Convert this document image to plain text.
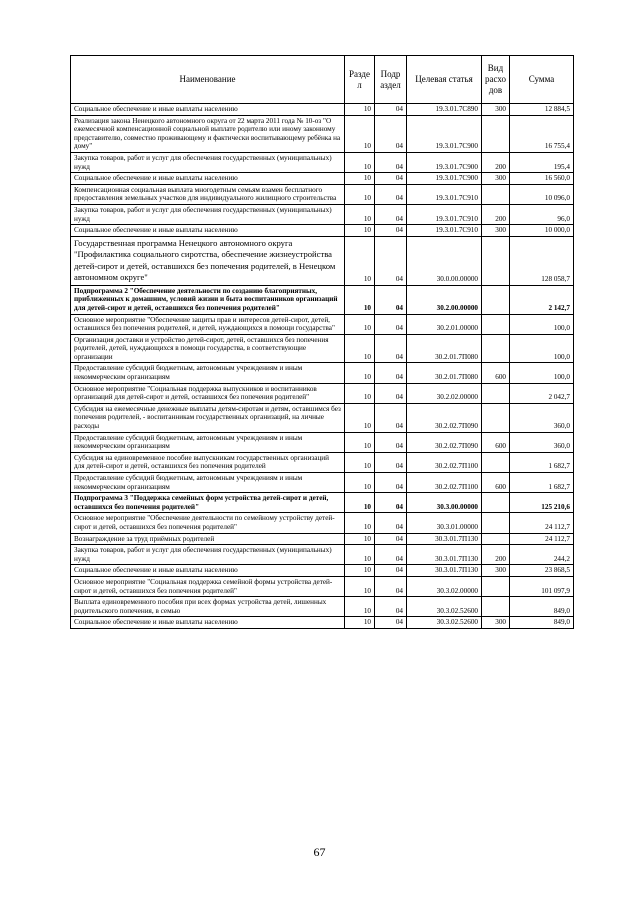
Наименование	Разде л	Подр аздел	Целевая статья	Вид расхо дов	Сумма
Социальное обеспечение и иные выплаты населению	10	04	19.3.01.7С890	300	12 884,5
Реализация закона Ненецкого автономного округа от 22 марта 2011 года № 10-оз "О ежемесячной компенсационной социальной выплате родителю или иному законному представителю, совместно проживающему и фактически воспитывающему ребёнка на дому"	10	04	19.3.01.7С900		16 755,4
Закупка товаров, работ и услуг для обеспечения государственных (муниципальных) нужд	10	04	19.3.01.7С900	200	195,4
Социальное обеспечение и иные выплаты населению	10	04	19.3.01.7С900	300	16 560,0
Компенсационная социальная выплата многодетным семьям взамен бесплатного предоставления земельных участков для индивидуального жилищного строительства	10	04	19.3.01.7С910		10 096,0
Закупка товаров, работ и услуг для обеспечения государственных (муниципальных) нужд	10	04	19.3.01.7С910	200	96,0
Социальное обеспечение и иные выплаты населению	10	04	19.3.01.7С910	300	10 000,0
Государственная программа Ненецкого автономного округа "Профилактика социального сиротства, обеспечение жизнеустройства детей-сирот и детей, оставшихся без попечения родителей, в Ненецком автономном округе"	10	04	30.0.00.00000		128 058,7
Подпрограмма 2 "Обеспечение деятельности по созданию благоприятных, приближенных к домашним, условий жизни и быта воспитанников организаций для детей-сирот и детей, оставшихся без попечения родителей"	10	04	30.2.00.00000		2 142,7
Основное мероприятие "Обеспечение защиты прав и интересов детей-сирот, детей, оставшихся без попечения родителей, и детей, нуждающихся в помощи государства"	10	04	30.2.01.00000		100,0
Организация доставки и устройство детей-сирот, детей, оставшихся без попечения родителей, детей, нуждающихся в помощи государства, в соответствующие организации	10	04	30.2.01.7П080		100,0
Предоставление субсидий бюджетным, автономным учреждениям и иным некоммерческим организациям	10	04	30.2.01.7П080	600	100,0
Основное мероприятие "Социальная поддержка выпускников и воспитанников организаций для детей-сирот и детей, оставшихся без попечения родителей"	10	04	30.2.02.00000		2 042,7
Субсидия на ежемесячные денежные выплаты детям-сиротам и детям, оставшимся без попечения родителей, - воспитанникам государственных организаций, на личные расходы	10	04	30.2.02.7П090		360,0
Предоставление субсидий бюджетным, автономным учреждениям и иным некоммерческим организациям	10	04	30.2.02.7П090	600	360,0
Субсидия на единовременное пособие выпускникам государственных организаций для детей-сирот и детей, оставшихся без попечения родителей	10	04	30.2.02.7П100		1 682,7
Предоставление субсидий бюджетным, автономным учреждениям и иным некоммерческим организациям	10	04	30.2.02.7П100	600	1 682,7
Подпрограмма 3 "Поддержка семейных форм устройства детей-сирот и детей, оставшихся без попечения родителей"	10	04	30.3.00.00000		125 210,6
Основное мероприятие "Обеспечение деятельности по семейному устройству детей-сирот и детей, оставшихся без попечения родителей"	10	04	30.3.01.00000		24 112,7
Вознаграждение за труд приёмных родителей	10	04	30.3.01.7П130		24 112,7
Закупка товаров, работ и услуг для обеспечения государственных (муниципальных) нужд	10	04	30.3.01.7П130	200	244,2
Социальное обеспечение и иные выплаты населению	10	04	30.3.01.7П130	300	23 868,5
Основное мероприятие "Социальная поддержка семейной формы устройства детей-сирот и детей, оставшихся без попечения родителей"	10	04	30.3.02.00000		101 097,9
Выплата единовременного пособия при всех формах устройства детей, лишенных родительского попечения, в семью	10	04	30.3.02.52600		849,0
Социальное обеспечение и иные выплаты населению	10	04	30.3.02.52600	300	849,0
67
